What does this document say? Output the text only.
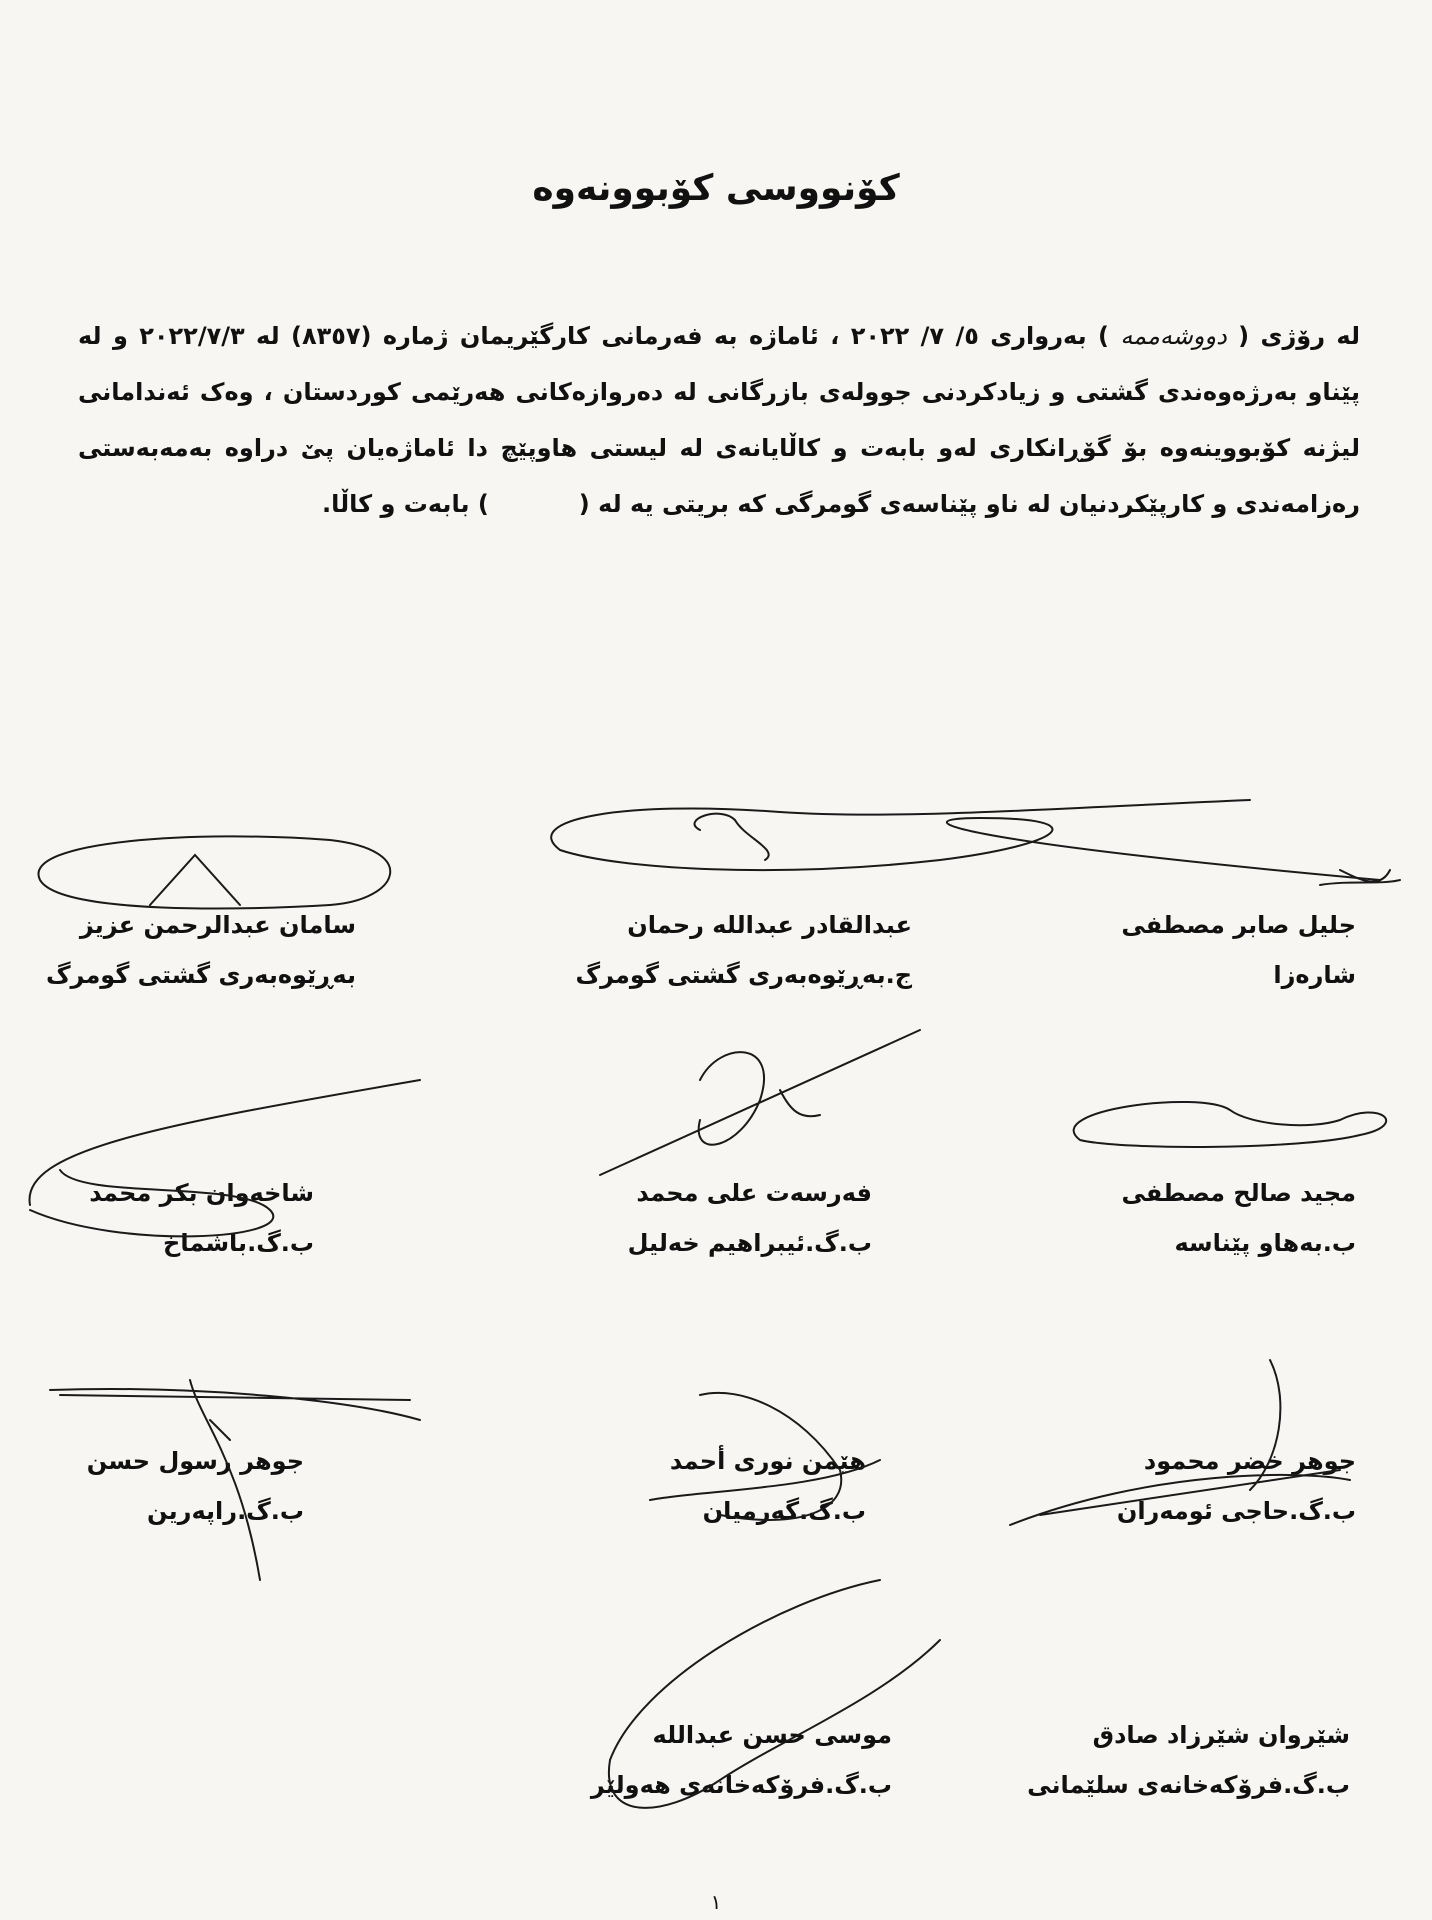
کۆنووسی کۆبوونەوە
لە رۆژی ( دووشەممە ) بەرواری ٥/ ٧/ ٢٠٢٢ ، ئاماژە بە فەرمانی کارگێریمان ژمارە (٨٣٥٧) لە ٢٠٢٢/٧/٣ و لە پێناو بەرژەوەندی گشتی و زیادکردنی جوولەی بازرگانی لە دەروازەکانی هەرێمی کوردستان ، وەک ئەندامانی لیژنە کۆبووینەوە بۆ گۆڕانکاری لەو بابەت و کاڵایانەی لە لیستی هاوپێچ دا ئاماژەیان پێ دراوە بەمەبەستی رەزامەندی و کارپێکردنیان لە ناو پێناسەی گومرگی کە بریتی یە لە () بابەت و کاڵا.
سامان عبدالرحمن عزیز
بەڕێوەبەری گشتی گومرگ
عبدالقادر عبدالله رحمان
ج.بەڕێوەبەری گشتی گومرگ
جلیل صابر مصطفی
شارەزا
شاخەوان بكر محمد
ب.گ.باشماخ
فەرسەت علی محمد
ب.گ.ئیبراهیم خەلیل
مجید صالح مصطفی
ب.بەهاو پێناسە
جوهر رسول حسن
ب.گ.راپەرین
هێمن نوری أحمد
ب.گ.گەرمیان
جوهر خضر محمود
ب.گ.حاجی ئومەران
موسی حسن عبدالله
ب.گ.فرۆكەخانەی هەولێر
شێروان شێرزاد صادق
ب.گ.فرۆكەخانەی سلێمانی
١
